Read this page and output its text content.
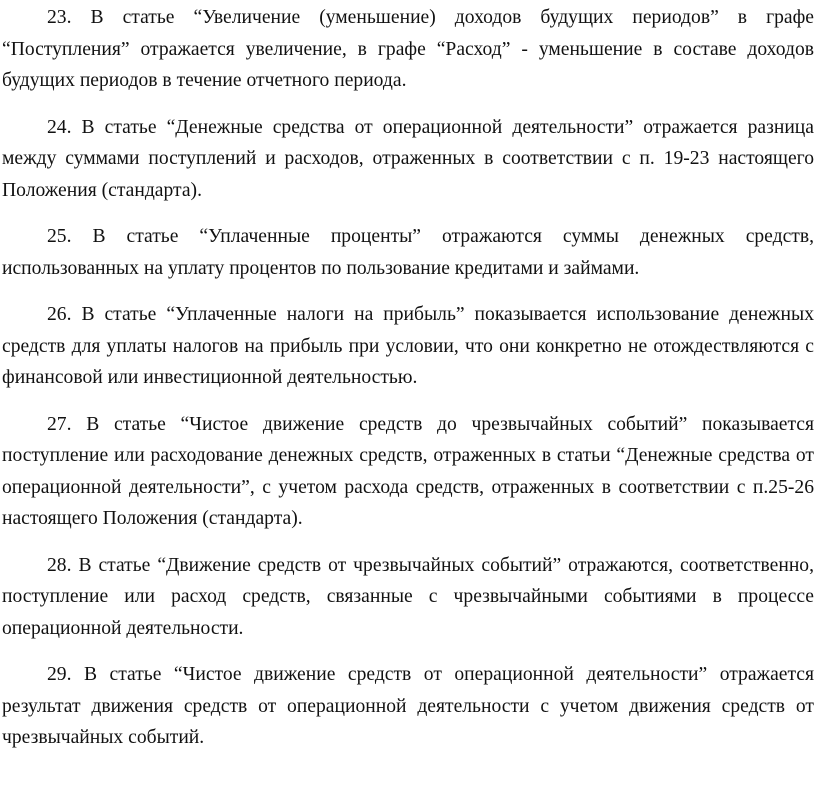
23. В статье “Увеличение (уменьшение) доходов будущих периодов” в графе “Поступления” отражается увеличение, в графе “Расход” - уменьшение в составе доходов будущих периодов в течение отчетного периода.

24. В статье “Денежные средства от операционной деятельности” отражается разница между суммами поступлений и расходов, отраженных в соответствии с п. 19-23 настоящего Положения (стандарта).

25. В статье “Уплаченные проценты” отражаются суммы денежных средств, использованных на уплату процентов по пользование кредитами и займами.

26. В статье “Уплаченные налоги на прибыль” показывается использование денежных средств для уплаты налогов на прибыль при условии, что они конкретно не отождествляются с финансовой или инвестиционной деятельностью.

27. В статье “Чистое движение средств до чрезвычайных событий” показывается поступление или расходование денежных средств, отраженных в статьи “Денежные средства от операционной деятельности”, с учетом расхода средств, отраженных в соответствии с п.25-26 настоящего Положения (стандарта).

28. В статье “Движение средств от чрезвычайных событий” отражаются, соответственно, поступление или расход средств, связанные с чрезвычайными событиями в процессе операционной деятельности.

29. В статье “Чистое движение средств от операционной деятельности” отражается результат движения средств от операционной деятельности с учетом движения средств от чрезвычайных событий.
